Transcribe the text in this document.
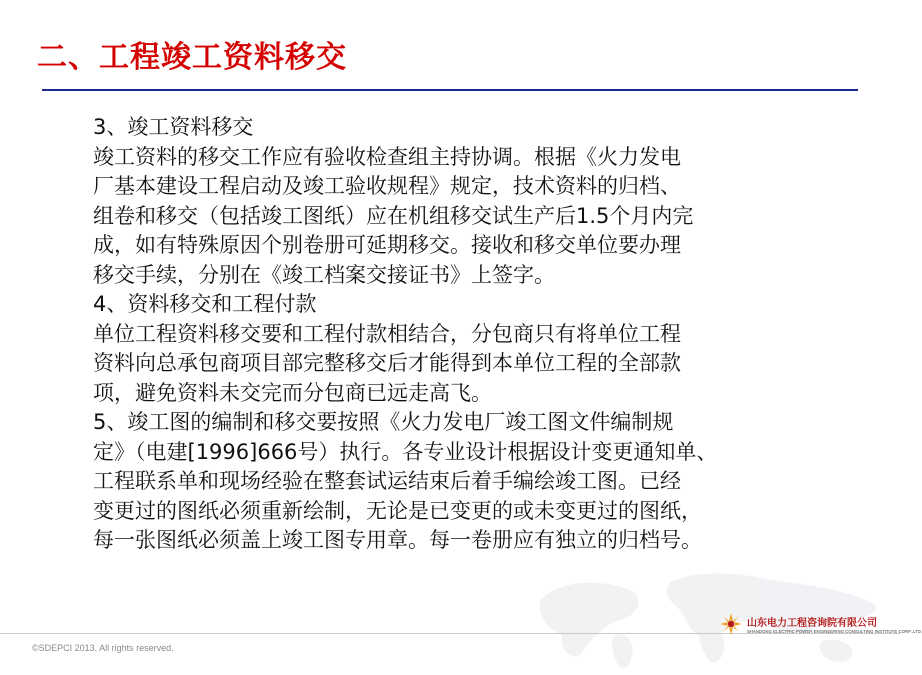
二、工程竣工资料移交
3、竣工资料移交
竣工资料的移交工作应有验收检查组主持协调。根据《火力发电
厂基本建设工程启动及竣工验收规程》规定，技术资料的归档、
组卷和移交（包括竣工图纸）应在机组移交试生产后1.5个月内完
成，如有特殊原因个别卷册可延期移交。接收和移交单位要办理
移交手续，分别在《竣工档案交接证书》上签字。
4、资料移交和工程付款
单位工程资料移交要和工程付款相结合，分包商只有将单位工程
资料向总承包商项目部完整移交后才能得到本单位工程的全部款
项，避免资料未交完而分包商已远走高飞。
5、竣工图的编制和移交要按照《火力发电厂竣工图文件编制规
定》（电建[1996]666号）执行。各专业设计根据设计变更通知单、
工程联系单和现场经验在整套试运结束后着手编绘竣工图。已经
变更过的图纸必须重新绘制，无论是已变更的或未变更过的图纸，
每一张图纸必须盖上竣工图专用章。每一卷册应有独立的归档号。
©SDEPCI 2013. All rights reserved.
山东电力工程咨询院有限公司
SHANDONG ELECTRIC POWER ENGINEERING CONSULTING INSTITUTE CORP.,LTD.
